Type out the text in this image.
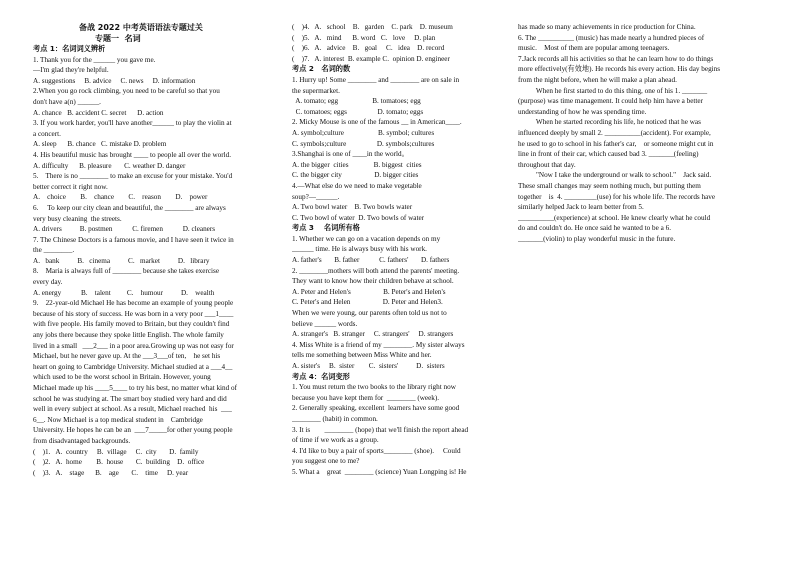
备战 2022 中考英语语法专题过关
专题一  名词
考点 1：名词词义辨析
1. Thank you for the ______ you gave me.
—I'm glad they're helpful.
A. suggestions     B. advice     C. news     D. information
2.When you go rock climbing, you need to be careful so that you
don't have a(n) ______.
A. chance   B. accident C. secret      D. action
3. If you work harder, you'll have another______ to play the violin at
a concert.
A. sleep      B. chance   C. mistake D. problem
4. His beautiful music has brought ____ to people all over the world.
A. difficulty      B. pleasure       C. weather D. danger
5.    There is no ________ to make an excuse for your mistake. You'd
better correct it right now.
A.    choice        B.    chance        C.    reason        D.    power
6.     To keep our city clean and beautiful, the ________ are always
very busy cleaning  the streets.
A. drivers          B. postmen           C. firemen           D. cleaners
7. The Chinese Doctors is a famous movie, and I have seen it twice in
the ________.
A.   bank          B.   cinema          C.   market          D.   library
8.    Maria is always full of ________ because she takes exercise
every day.
A. energy           B.    talent         C.    humour          D.    wealth
9.    22-year-old Michael He has become an example of young people
because of his story of success. He was born in a very poor ___1____
with five people. His family moved to Britain, but they couldn't find
any jobs there because they spoke little English. The whole family
lived in a small   ___2___ in a poor area.Growing up was not easy for
Michael, but he never gave up. At the ___3___of ten,    he set his
heart on going to Cambridge University. Michael studied at a ___4__
which used to be the worst school in Britain. However, young
Michael made up his ____5____ to try his best, no matter what kind of
school he was studying at. The smart boy studied very hard and did
well in every subject at school. As a result, Michael reached  his  ___
6__. Now Michael is a top medical student in    Cambridge
University. He hopes he can be an  ___7_____for other young people
from disadvantaged backgrounds.
(    )1.   A.  country     B.  village     C.  city       D.  family
(    )2.   A.  home        B.  house       C.  building    D.  office
(    )3.   A.    stage      B.    age       C.    time     D. year
(    )4.   A.   school    B.   garden    C. park    D. museum
(    )5.   A.   mind      B. word   C.   love     D. plan
(    )6.   A.   advice    B.   goal     C.   idea    D. record
(    )7.   A. interest  B. example C.  opinion D. engineer
考点 2   名词的数
1. Hurry up! Some ________ and ________ are on sale in
the supermarket.
A. tomato; egg                   B. tomatoes; egg
C. tomatoes; eggs                 D. tomato; eggs
2. Micky Mouse is one of the famous __ in American____.
A. symbol;culture                   B. symbol; cultures
C. symbols;culture                 D. symbols;cultures
3.Shanghai is one of ____in the world。
A. the bigger  cities              B. biggest  cities
C. the bigger city                  D. bigger cities
4.—What else do we need to make vegetable
soup?—______.
A. Two bowl water    B. Two bowls water
C. Two bowl of water  D. Two bowls of water
考点 3    名词所有格
1. Whether we can go on a vacation depends on my
______ time. He is always busy with his work.
A. father's       B. father           C. fathers'       D. fathers
2. ________mothers will both attend the parents' meeting.
They want to know how their children behave at school.
A. Peter and Helen's                  B. Peter's and Helen's
C. Peter's and Helen                  D. Peter and Helen3.
When we were young, our parents often told us not to
believe ______ words.
A. stranger's   B. stranger     C. strangers'     D. strangers
4. Miss White is a friend of my ________. My sister always
tells me something between Miss White and her.
A. sister's     B.  sister        C.  sisters'          D.  sisters
考点 4：名词变形
1. You must return the two books to the library right now
because you have kept them for  ________ (week).
2. Generally speaking, excellent  learners have some good
________ (habit) in common.
3. It is        ________ (hope) that we'll finish the report ahead
of time if we work as a group.
4. I'd like to buy a pair of sports________ (shoe).     Could
you suggest one to me?
5. What a    great  ________ (science) Yuan Longping is! He
has made so many achievements in rice production for China.
6. The __________ (music) has made nearly a hundred pieces of
music.    Most of them are popular among teenagers.
7.Jack records all his activities so that he can learn how to do things
more effectively(有效地). He records his every action. His day begins
from the night before, when he will make a plan ahead.
When he first started to do this thing, one of his 1. _______
(purpose) was time management. It could help him have a better
understanding of how he was spending time.
When he started recording his life, he noticed that he was
influenced deeply by small 2. __________(accident). For example,
he used to go to school in his father's car,    or someone might cut in
line in front of their car, which caused bad 3. _______(feeling)
throughout that day.
"Now I take the underground or walk to school."    Jack said.
These small changes may seem nothing much, but putting them
together    is  4. _________(use) for his whole life. The records have
similarly helped Jack to learn better from 5.
__________(experience) at school. He knew clearly what he could
do and couldn't do. He once said he wanted to be a 6.
_______(violin) to play wonderful music in the future.
